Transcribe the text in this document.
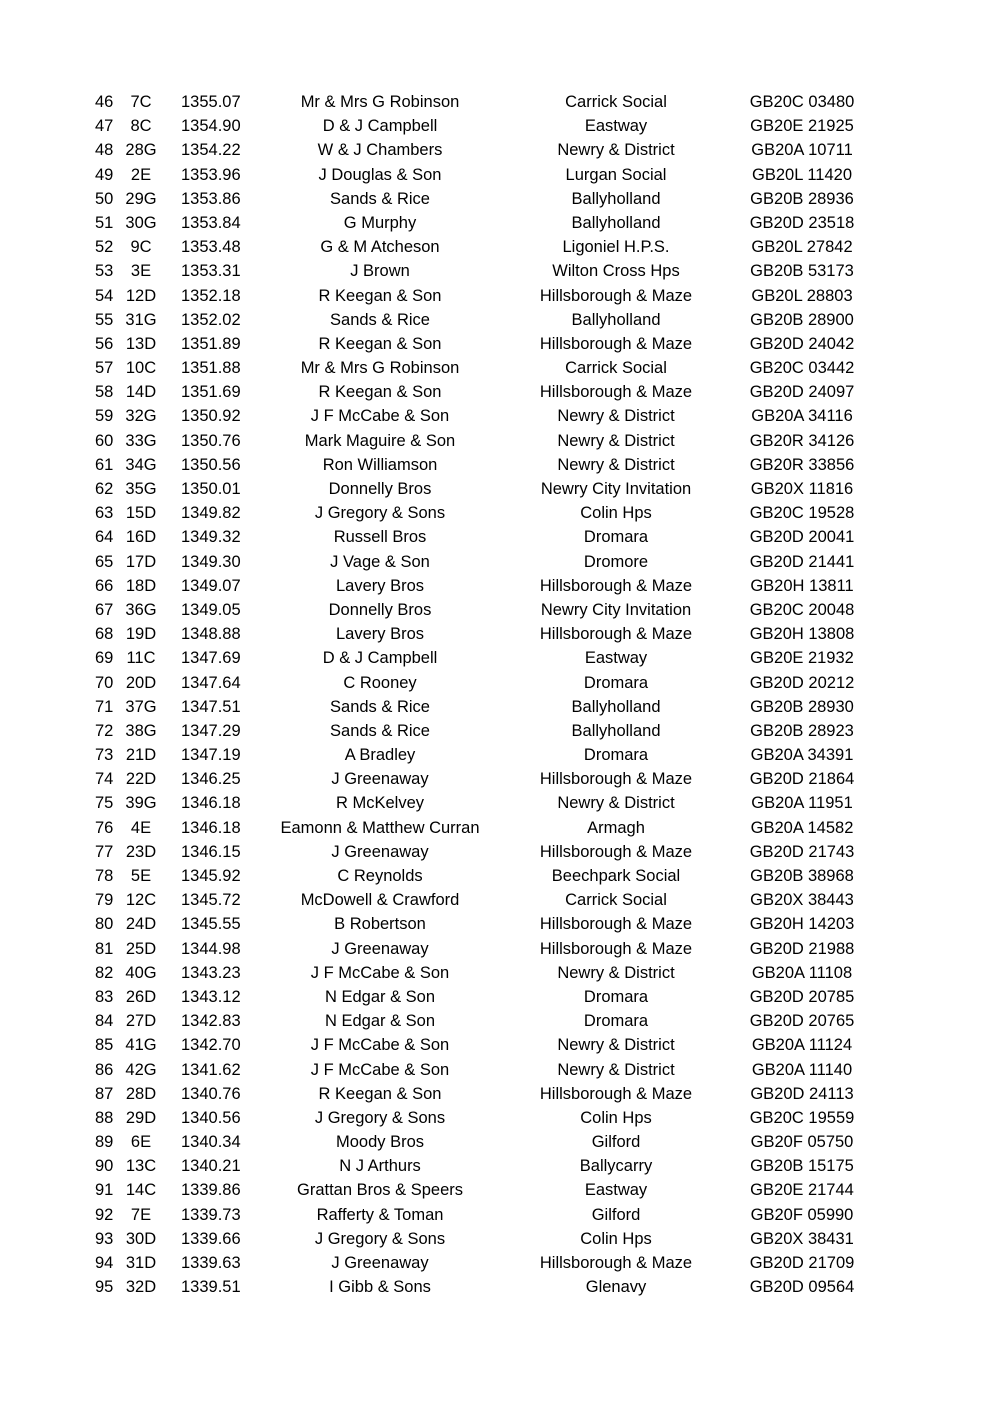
46 7C 1355.07	Mr & Mrs G Robinson	Carrick Social	GB20C 03480
47 8C 1354.90	D & J Campbell	Eastway	GB20E 21925
48 28G 1354.22	W & J Chambers	Newry & District	GB20A 10711
49 2E 1353.96	J Douglas & Son	Lurgan Social	GB20L 11420
50 29G 1353.86	Sands & Rice	Ballyholland	GB20B 28936
51 30G 1353.84	G Murphy	Ballyholland	GB20D 23518
52 9C 1353.48	G & M Atcheson	Ligoniel H.P.S.	GB20L 27842
53 3E 1353.31	J Brown	Wilton Cross Hps	GB20B 53173
54 12D 1352.18	R Keegan & Son	Hillsborough & Maze	GB20L 28803
55 31G 1352.02	Sands & Rice	Ballyholland	GB20B 28900
56 13D 1351.89	R Keegan & Son	Hillsborough & Maze	GB20D 24042
57 10C 1351.88	Mr & Mrs G Robinson	Carrick Social	GB20C 03442
58 14D 1351.69	R Keegan & Son	Hillsborough & Maze	GB20D 24097
59 32G 1350.92	J F McCabe & Son	Newry & District	GB20A 34116
60 33G 1350.76	Mark Maguire & Son	Newry & District	GB20R 34126
61 34G 1350.56	Ron Williamson	Newry & District	GB20R 33856
62 35G 1350.01	Donnelly Bros	Newry City Invitation	GB20X 11816
63 15D 1349.82	J Gregory & Sons	Colin Hps	GB20C 19528
64 16D 1349.32	Russell Bros	Dromara	GB20D 20041
65 17D 1349.30	J Vage & Son	Dromore	GB20D 21441
66 18D 1349.07	Lavery Bros	Hillsborough & Maze	GB20H 13811
67 36G 1349.05	Donnelly Bros	Newry City Invitation	GB20C 20048
68 19D 1348.88	Lavery Bros	Hillsborough & Maze	GB20H 13808
69 11C 1347.69	D & J Campbell	Eastway	GB20E 21932
70 20D 1347.64	C Rooney	Dromara	GB20D 20212
71 37G 1347.51	Sands & Rice	Ballyholland	GB20B 28930
72 38G 1347.29	Sands & Rice	Ballyholland	GB20B 28923
73 21D 1347.19	A Bradley	Dromara	GB20A 34391
74 22D 1346.25	J Greenaway	Hillsborough & Maze	GB20D 21864
75 39G 1346.18	R McKelvey	Newry & District	GB20A 11951
76 4E 1346.18 Eamonn & Matthew Curran	Armagh	GB20A 14582
77 23D 1346.15	J Greenaway	Hillsborough & Maze	GB20D 21743
78 5E 1345.92	C Reynolds	Beechpark Social	GB20B 38968
79 12C 1345.72	McDowell & Crawford	Carrick Social	GB20X 38443
80 24D 1345.55	B Robertson	Hillsborough & Maze	GB20H 14203
81 25D 1344.98	J Greenaway	Hillsborough & Maze	GB20D 21988
82 40G 1343.23	J F McCabe & Son	Newry & District	GB20A 11108
83 26D 1343.12	N Edgar & Son	Dromara	GB20D 20785
84 27D 1342.83	N Edgar & Son	Dromara	GB20D 20765
85 41G 1342.70	J F McCabe & Son	Newry & District	GB20A 11124
86 42G 1341.62	J F McCabe & Son	Newry & District	GB20A 11140
87 28D 1340.76	R Keegan & Son	Hillsborough & Maze	GB20D 24113
88 29D 1340.56	J Gregory & Sons	Colin Hps	GB20C 19559
89 6E 1340.34	Moody Bros	Gilford	GB20F 05750
90 13C 1340.21	N J Arthurs	Ballycarry	GB20B 15175
91 14C 1339.86	Grattan Bros & Speers	Eastway	GB20E 21744
92 7E 1339.73	Rafferty & Toman	Gilford	GB20F 05990
93 30D 1339.66	J Gregory & Sons	Colin Hps	GB20X 38431
94 31D 1339.63	J Greenaway	Hillsborough & Maze	GB20D 21709
95 32D 1339.51	I Gibb & Sons	Glenavy	GB20D 09564
